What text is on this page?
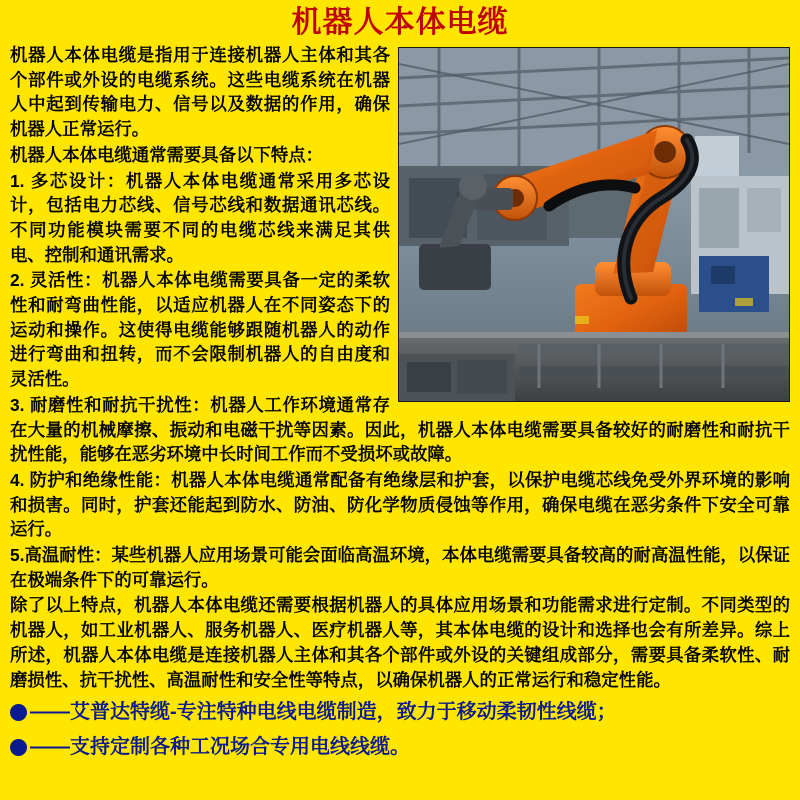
机器人本体电缆

机器人本体电缆是指用于连接机器人主体和其各个部件或外设的电缆系统。这些电缆系统在机器人中起到传输电力、信号以及数据的作用，确保机器人正常运行。

机器人本体电缆通常需要具备以下特点：

1. 多芯设计：机器人本体电缆通常采用多芯设计，包括电力芯线、信号芯线和数据通讯芯线。不同功能模块需要不同的电缆芯线来满足其供电、控制和通讯需求。

2. 灵活性：机器人本体电缆需要具备一定的柔软性和耐弯曲性能，以适应机器人在不同姿态下的运动和操作。这使得电缆能够跟随机器人的动作进行弯曲和扭转，而不会限制机器人的自由度和灵活性。

3. 耐磨性和耐抗干扰性：机器人工作环境通常存在大量的机械摩擦、振动和电磁干扰等因素。因此，机器人本体电缆需要具备较好的耐磨性和耐抗干扰性能，能够在恶劣环境中长时间工作而不受损坏或故障。

4. 防护和绝缘性能：机器人本体电缆通常配备有绝缘层和护套，以保护电缆芯线免受外界环境的影响和损害。同时，护套还能起到防水、防油、防化学物质侵蚀等作用，确保电缆在恶劣条件下安全可靠运行。

5.高温耐性：某些机器人应用场景可能会面临高温环境，本体电缆需要具备较高的耐高温性能，以保证在极端条件下的可靠运行。

除了以上特点，机器人本体电缆还需要根据机器人的具体应用场景和功能需求进行定制。不同类型的机器人，如工业机器人、服务机器人、医疗机器人等，其本体电缆的设计和选择也会有所差异。综上所述，机器人本体电缆是连接机器人主体和其各个部件或外设的关键组成部分，需要具备柔软性、耐磨损性、抗干扰性、高温耐性和安全性等特点，以确保机器人的正常运行和稳定性能。

——艾普达特缆-专注特种电线电缆制造，致力于移动柔韧性线缆；
——支持定制各种工况场合专用电线线缆。
